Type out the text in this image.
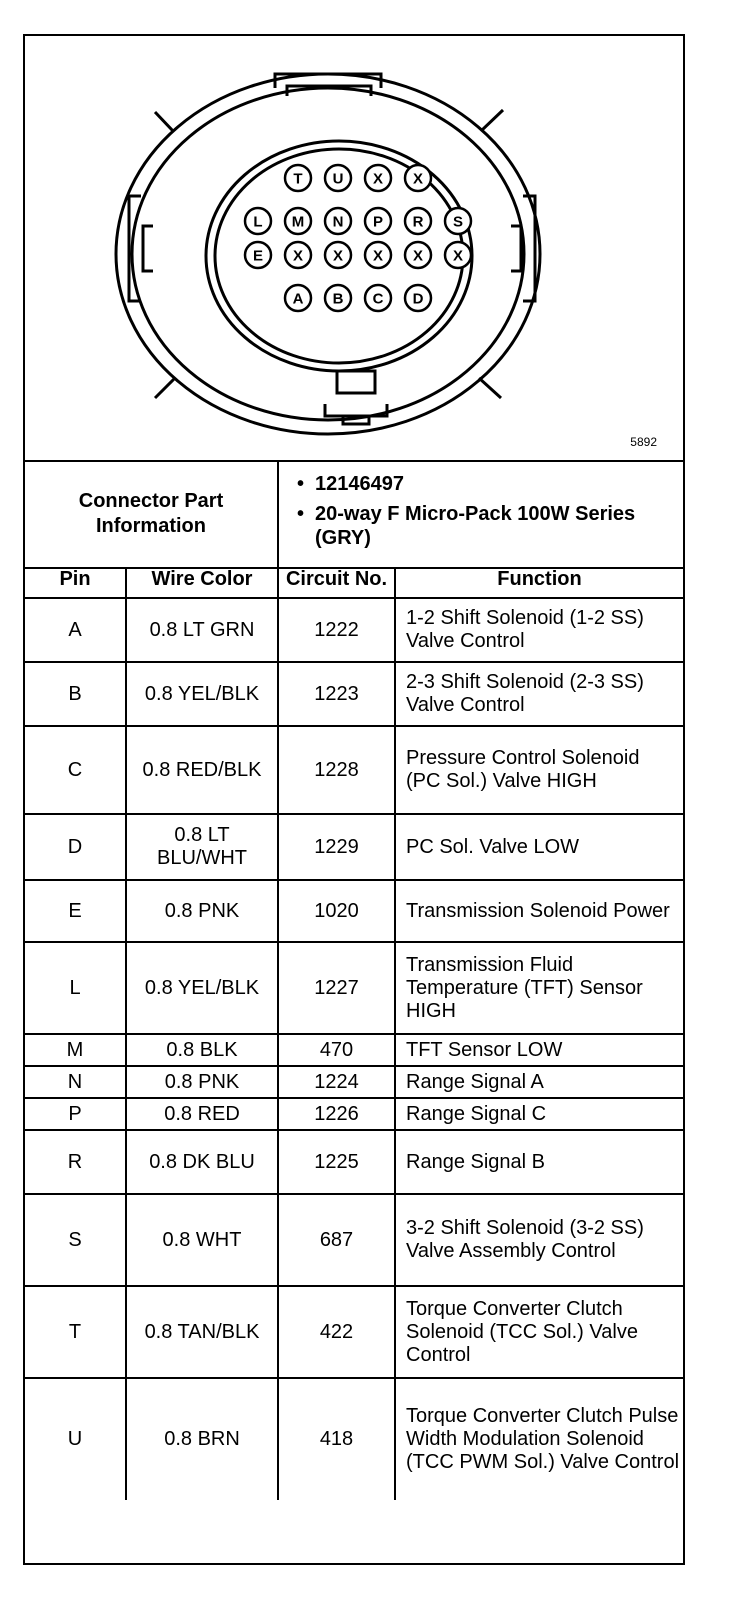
T U X X
L M N P R S
E X X X X X
A B C D
5892
Connector Part Information
• 12146497
• 20-way F Micro-Pack 100W Series (GRY)
Pin	Wire Color	Circuit No.	Function
A	0.8 LT GRN	1222	1-2 Shift Solenoid (1-2 SS) Valve Control
B	0.8 YEL/BLK	1223	2-3 Shift Solenoid (2-3 SS) Valve Control
C	0.8 RED/BLK	1228	Pressure Control Solenoid (PC Sol.) Valve HIGH
D	0.8 LT BLU/WHT	1229	PC Sol. Valve LOW
E	0.8 PNK	1020	Transmission Solenoid Power
L	0.8 YEL/BLK	1227	Transmission Fluid Temperature (TFT) Sensor HIGH
M	0.8 BLK	470	TFT Sensor LOW
N	0.8 PNK	1224	Range Signal A
P	0.8 RED	1226	Range Signal C
R	0.8 DK BLU	1225	Range Signal B
S	0.8 WHT	687	3-2 Shift Solenoid (3-2 SS) Valve Assembly Control
T	0.8 TAN/BLK	422	Torque Converter Clutch Solenoid (TCC Sol.) Valve Control
U	0.8 BRN	418	Torque Converter Clutch Pulse Width Modulation Solenoid (TCC PWM Sol.) Valve Control
